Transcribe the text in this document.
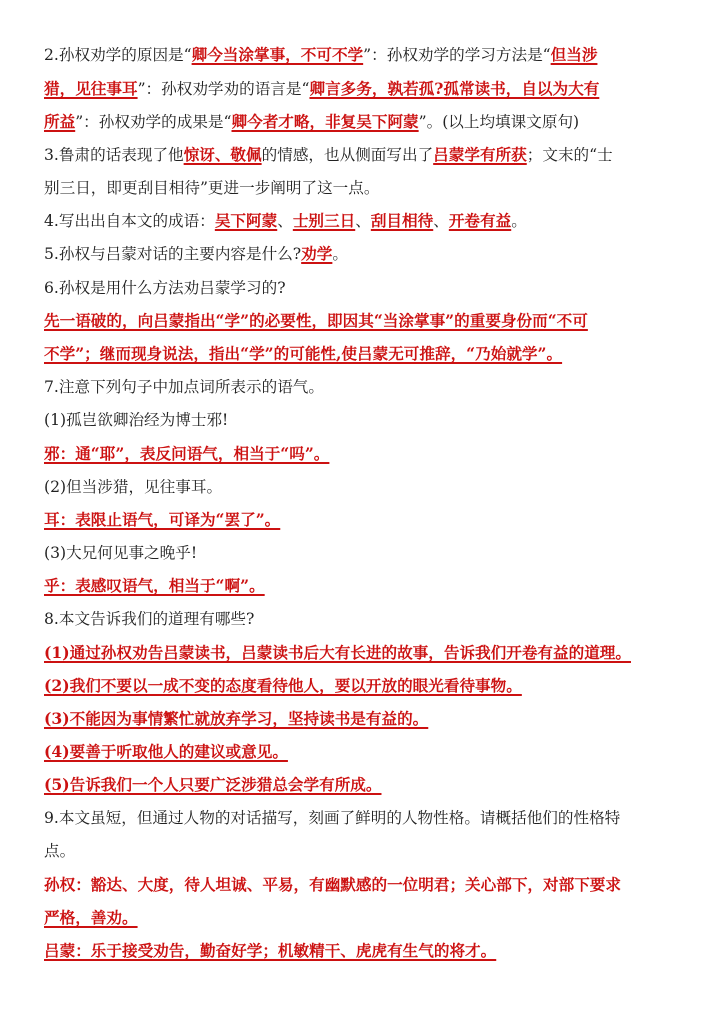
2.孙权劝学的原因是“卿今当涂掌事，不可不学”：孙权劝学的学习方法是“但当涉
猎，见往事耳”：孙权劝学劝的语言是“卿言多务，孰若孤?孤常读书，自以为大有
所益”：孙权劝学的成果是“卿今者才略，非复吴下阿蒙”。(以上均填课文原句)
3.鲁肃的话表现了他惊讶、敬佩的情感，也从侧面写出了吕蒙学有所获；文末的“士
别三日，即更刮目相待”更进一步阐明了这一点。
4.写出出自本文的成语：吴下阿蒙、士别三日、刮目相待、开卷有益。
5.孙权与吕蒙对话的主要内容是什么?劝学。
6.孙权是用什么方法劝吕蒙学习的?
先一语破的，向吕蒙指出“学”的必要性，即因其“当涂掌事”的重要身份而“不可
不学”；继而现身说法，指出“学”的可能性,使吕蒙无可推辞，“乃始就学”。
7.注意下列句子中加点词所表示的语气。
(1)孤岂欲卿治经为博士邪!
邪：通“耶”，表反问语气，相当于“吗”。
(2)但当涉猎，见往事耳。
耳：表限止语气，可译为“罢了”。
(3)大兄何见事之晚乎!
乎：表感叹语气，相当于“啊”。
8.本文告诉我们的道理有哪些?
(1)通过孙权劝告吕蒙读书，吕蒙读书后大有长进的故事，告诉我们开卷有益的道理。
(2)我们不要以一成不变的态度看待他人，要以开放的眼光看待事物。
(3)不能因为事情繁忙就放弃学习，坚持读书是有益的。
(4)要善于听取他人的建议或意见。
(5)告诉我们一个人只要广泛涉猎总会学有所成。
9.本文虽短，但通过人物的对话描写，刻画了鲜明的人物性格。请概括他们的性格特
点。
孙权：豁达、大度，待人坦诚、平易，有幽默感的一位明君；关心部下，对部下要求
严格，善劝。
吕蒙：乐于接受劝告，勤奋好学；机敏精干、虎虎有生气的将才。
